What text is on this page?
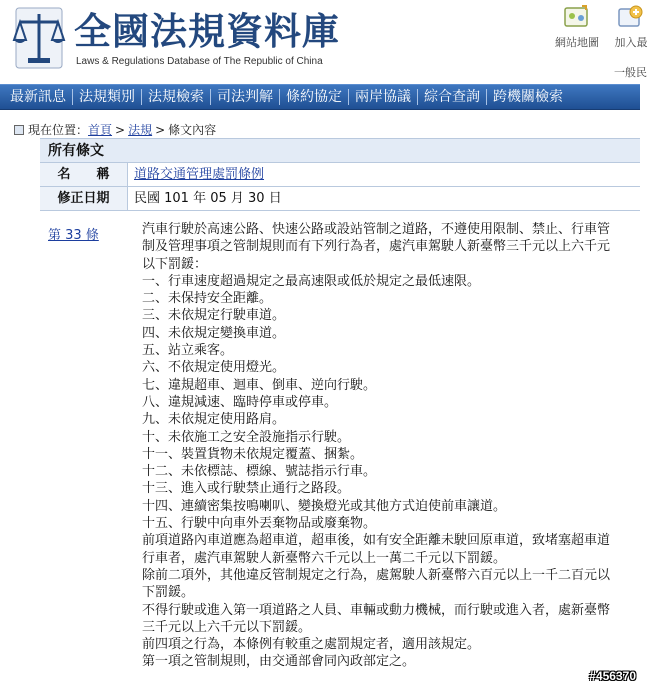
全國法規資料庫
Laws & Regulations Database of The Republic of China
網站地圖	加入最
一般民
最新訊息 法規類別 法規檢索 司法判解 條約協定 兩岸協議 綜合查詢 跨機關檢索
現在位置： 首頁 > 法規 > 條文內容
所有條文
名　　稱	道路交通管理處罰條例
修正日期	民國 101 年 05 月 30 日
第 33 條	汽車行駛於高速公路、快速公路或設站管制之道路，不遵使用限制、禁止、行車管制及管理事項之管制規則而有下列行為者，處汽車駕駛人新臺幣三千元以上六千元以下罰鍰：

一、行車速度超過規定之最高速限或低於規定之最低速限。

二、未保持安全距離。

三、未依規定行駛車道。

四、未依規定變換車道。

五、站立乘客。

六、不依規定使用燈光。

七、違規超車、迴車、倒車、逆向行駛。

八、違規減速、臨時停車或停車。

九、未依規定使用路肩。

十、未依施工之安全設施指示行駛。

十一、裝置貨物未依規定覆蓋、捆紮。

十二、未依標誌、標線、號誌指示行車。

十三、進入或行駛禁止通行之路段。

十四、連續密集按鳴喇叭、變換燈光或其他方式迫使前車讓道。

十五、行駛中向車外丟棄物品或廢棄物。

前項道路內車道應為超車道，超車後，如有安全距離未駛回原車道，致堵塞超車道行車者，處汽車駕駛人新臺幣六千元以上一萬二千元以下罰鍰。

除前二項外，其他違反管制規定之行為，處駕駛人新臺幣六百元以上一千二百元以下罰鍰。

不得行駛或進入第一項道路之人員、車輛或動力機械，而行駛或進入者，處新臺幣三千元以上六千元以下罰鍰。

前四項之行為，本條例有較重之處罰規定者，適用該規定。

第一項之管制規則，由交通部會同內政部定之。

#456370
